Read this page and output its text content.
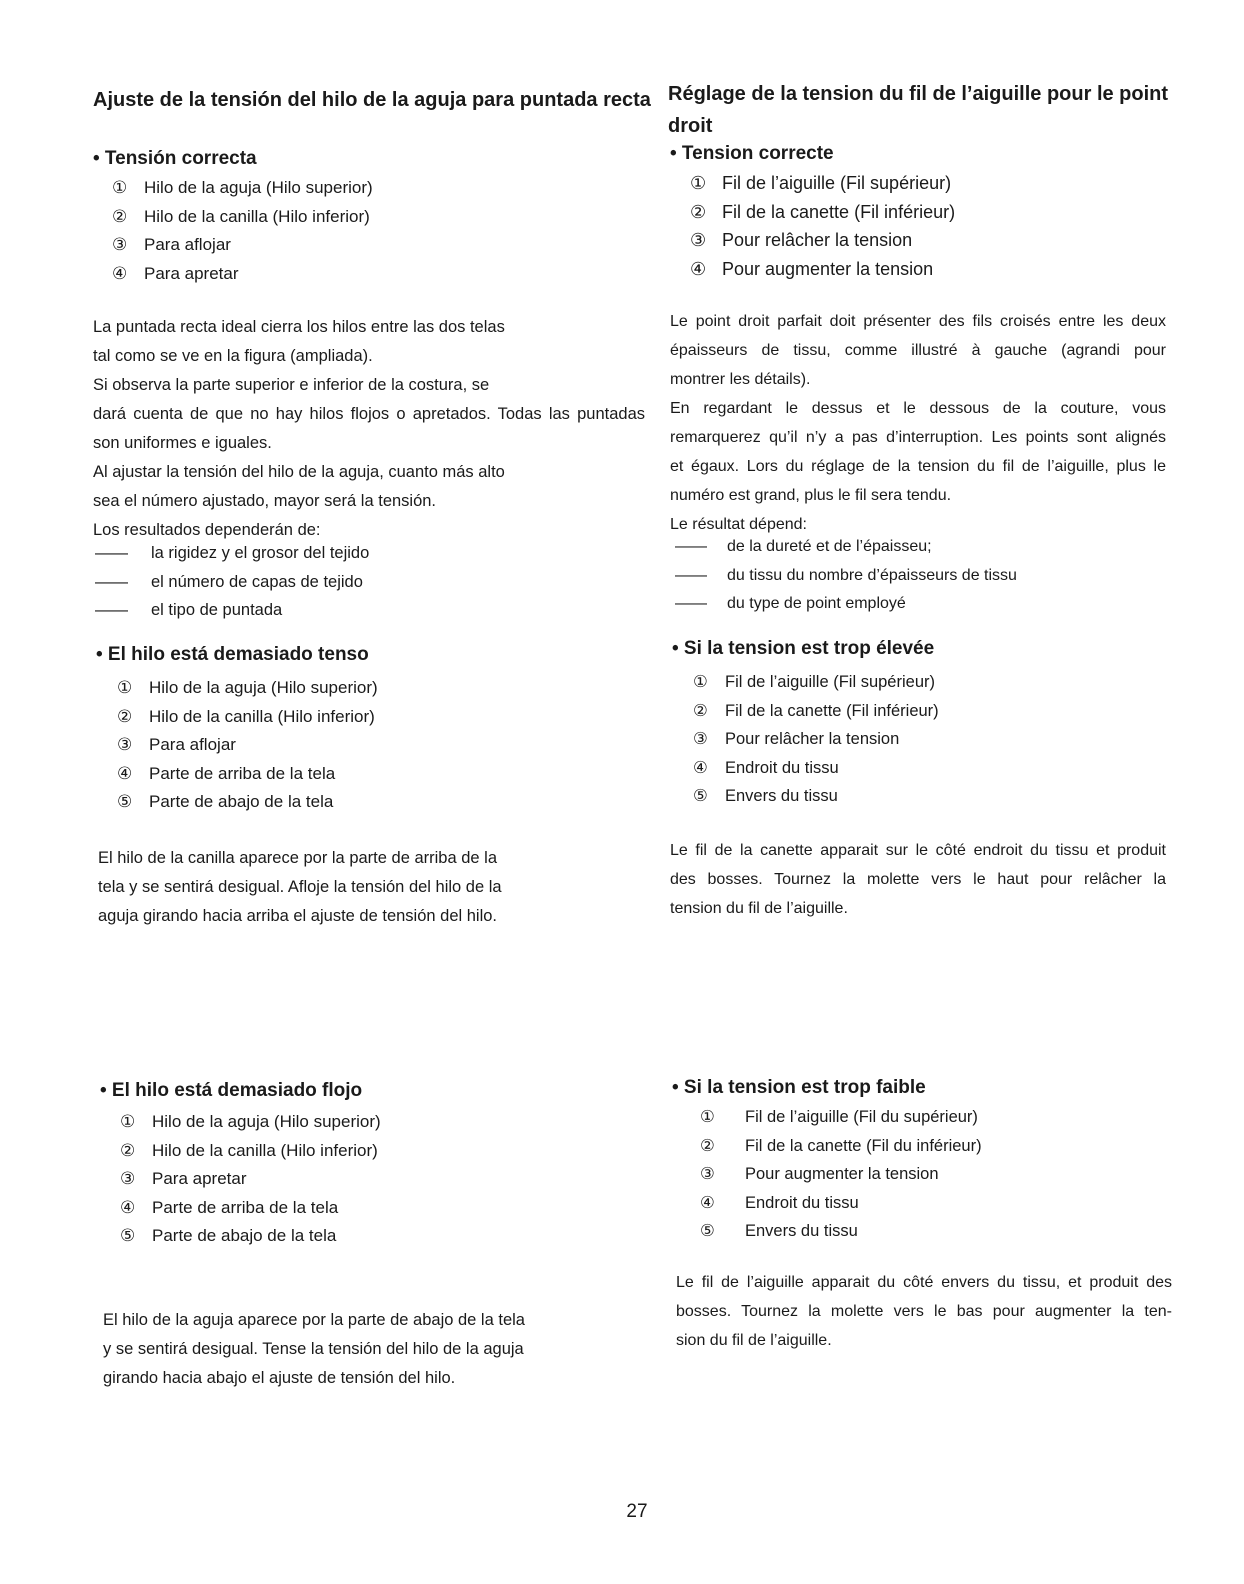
Ajuste de la tensión del hilo de la aguja para puntada recta
• Tensión correcta
① Hilo de la aguja (Hilo superior)
② Hilo de la canilla (Hilo inferior)
③ Para aflojar
④ Para apretar
La puntada recta ideal cierra los hilos entre las dos telas
tal como se ve en la figura (ampliada).
Si observa la parte superior e inferior de la costura, se
dará cuenta de que no hay hilos flojos o apretados. Todas las puntadas
son uniformes e iguales.
Al ajustar la tensión del hilo de la aguja, cuanto más alto
sea el número ajustado, mayor será la tensión.
Los resultados dependerán de:
—— la rigidez y el grosor del tejido
—— el número de capas de tejido
—— el tipo de puntada
• El hilo está demasiado tenso
① Hilo de la aguja (Hilo superior)
② Hilo de la canilla (Hilo inferior)
③ Para aflojar
④ Parte de arriba de la tela
⑤ Parte de abajo de la tela
El hilo de la canilla aparece por la parte de arriba de la
tela y se sentirá desigual. Afloje la tensión del hilo de la
aguja girando hacia arriba el ajuste de tensión del hilo.
• El hilo está demasiado flojo
① Hilo de la aguja (Hilo superior)
② Hilo de la canilla (Hilo inferior)
③ Para apretar
④ Parte de arriba de la tela
⑤ Parte de abajo de la tela
El hilo de la aguja aparece por la parte de abajo de la tela
y se sentirá desigual. Tense la tensión del hilo de la aguja
girando hacia abajo el ajuste de tensión del hilo.
Réglage de la tension du fil de l’aiguille pour le point
droit
• Tension correcte
① Fil de l’aiguille (Fil supérieur)
② Fil de la canette (Fil inférieur)
③ Pour relâcher la tension
④ Pour augmenter la tension
Le point droit parfait doit présenter des fils croisés entre les deux
épaisseurs de tissu, comme illustré à gauche (agrandi pour
montrer les détails).
En regardant le dessus et le dessous de la couture, vous
remarquerez qu’il n’y a pas d’interruption. Les points sont alignés
et égaux. Lors du réglage de la tension du fil de l’aiguille, plus le
numéro est grand, plus le fil sera tendu.
Le résultat dépend:
—— de la dureté et de l’épaisseu;
—— du tissu du nombre d’épaisseurs de tissu
—— du type de point employé
• Si la tension est trop élevée
① Fil de l’aiguille (Fil supérieur)
② Fil de la canette (Fil inférieur)
③ Pour relâcher la tension
④ Endroit du tissu
⑤ Envers du tissu
Le fil de la canette apparait sur le côté endroit du tissu et produit
des bosses. Tournez la molette vers le haut pour relâcher la
tension du fil de l’aiguille.
• Si la tension est trop faible
① Fil de l’aiguille (Fil du supérieur)
② Fil de la canette (Fil du inférieur)
③ Pour augmenter la tension
④ Endroit du tissu
⑤ Envers du tissu
Le fil de l’aiguille apparait du côté envers du tissu, et produit des
bosses. Tournez la molette vers le bas pour augmenter la ten-
sion du fil de l’aiguille.
27
